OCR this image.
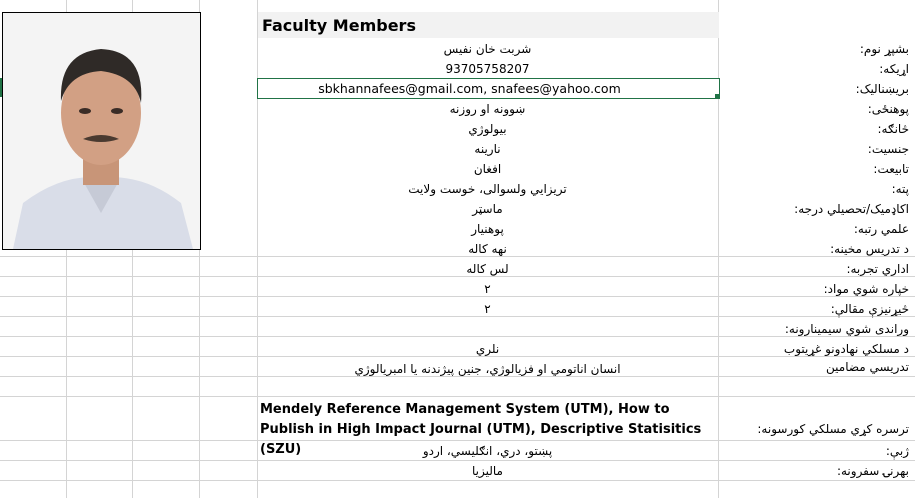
Faculty Members
بشپړ نوم:
اړیکه:
بریښناليک:
پوهنځی:
څانګه:
جنسیت:
تابیعت:
پته:
اکاډمیک/تحصیلي درجه:
علمي رتبه:
د تدریس مخینه:
اداري تجربه:
خپاره شوي مواد:
څیړنیزې مقالې:
وراندی شوي سیمینارونه:
د مسلکي نهادونو غړیتوب
تدریسي مضامین
ترسره کړي مسلکي کورسونه:
ژبې:
بهرنۍ سفرونه:
شربت خان نفیس
93705758207
sbkhannafees@gmail.com, snafees@yahoo.com
ښوونه او روزنه
بیولوژي
نارینه
افغان
تریزایي ولسوالی، خوست ولایت
ماسټر
پوهنیار
نهه کاله
لس کاله
۲
۲
نلري
انسان اناتومي او فزیالوژي، جنین پیژندنه یا امبریالوژي
Mendely Reference Management System (UTM), How to Publish in High Impact Journal (UTM), Descriptive Statisitics (SZU)	پښتو، دري، انګلیسي، اردو
مالیزیا
